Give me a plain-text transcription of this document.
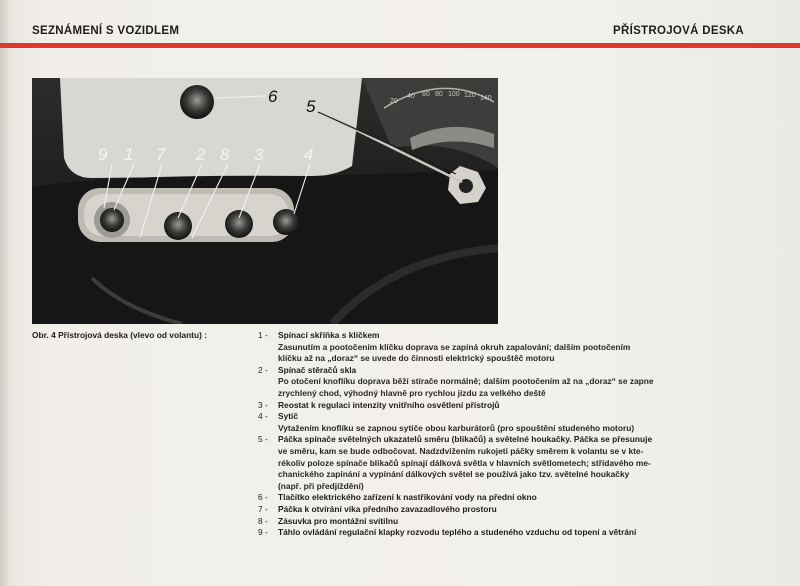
SEZNÁMENÍ S VOZIDLEM	PŘÍSTROJOVÁ DESKA
20
40 60 80 100 120 140
9 1 7 2 8 3 4
5
6
Obr. 4 Přístrojová deska (vlevo od volantu) :	1 -	Spínací skříňka s klíčkem
Zasunutím a pootočením klíčku doprava se zapíná okruh zapalování; dalším pootočením
klíčku až na „doraz“ se uvede do činnosti elektrický spouštěč motoru
2 -	Spínač stěračů skla
Po otočení knoflíku doprava běží stírače normálně; dalším pootočením až na „doraz“ se zapne
zrychlený chod, výhodný hlavně pro rychlou jízdu za velkého deště
3 -	Reostat k regulaci intenzity vnitřního osvětlení přístrojů
4 -	Sytič
Vytažením knoflíku se zapnou sytiče obou karburátorů (pro spouštění studeného motoru)
5 -	Páčka spínače světelných ukazatelů směru (blikačů) a světelné houkačky. Páčka se přesunuje
ve směru, kam se bude odbočovat. Nadzdvižením rukojeti páčky směrem k volantu se v kte-
rékoliv poloze spínače blikačů spínají dálková světla v hlavních světlometech; střídavého me-
chanického zapínání a vypínání dálkových světel se používá jako tzv. světelné houkačky
(např. při předjíždění)
6 -	Tlačítko elektrického zařízení k nastřikování vody na přední okno
7 -	Páčka k otvírání víka předního zavazadlového prostoru
8 -	Zásuvka pro montážní svítilnu
9 -	Táhlo ovládání regulační klapky rozvodu teplého a studeného vzduchu od topení a větrání
